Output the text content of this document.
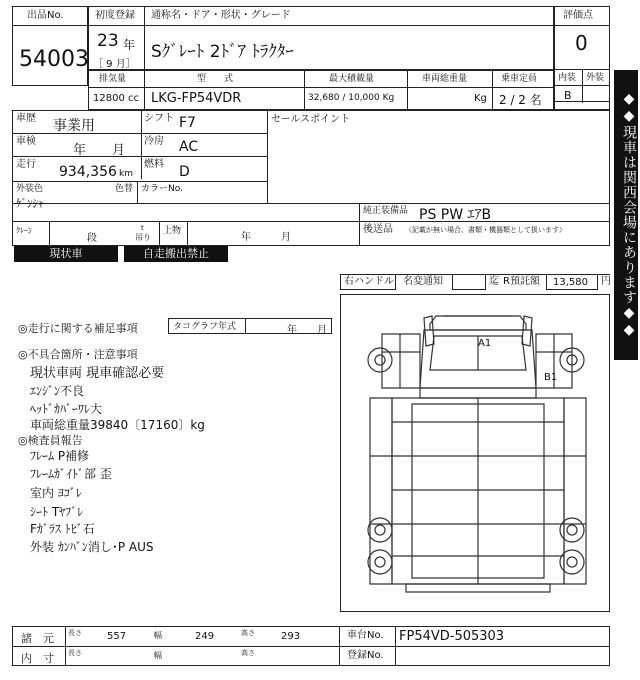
出品No.
54003
初度登録 通称名・ドア・形状・グレード
23 年
［ 9 月］
Sｸﾞﾚｰﾄ 2ﾄﾞｱ ﾄﾗｸﾀｰ
評価点
0
内装 外装
B
排気量	型　　式	最大積載量	車両総重量	乗車定員
12800 cc LKG-FP54VDR	32,680 / 10,000 Kg	Kg 2 / 2 名
車歴 事業用	シフト F7
車検
年　　月
冷房 AC
走行 934,356 km
燃料 D
外装色
ｹﾞﾝｼｬ
色替 カラーNo.
セールスポイント
純正装備品 PS PW ｴｱB
後送品 （記載が無い場合、書類・機器類として扱います）
ｸﾚｰﾝ
段
t
吊り
上物
年　　　月
現状車	自走搬出禁止
右ハンドル 名変通知	迄 R預託額 13,580 円
◎走行に関する補足事項	タコグラフ年式	年　　月
◎不具合箇所・注意事項
現状車両 現車確認必要
ｴﾝｼﾞﾝ不良
ﾍｯﾄﾞｶﾊﾞｰﾜﾚ大
車両総重量39840〔17160〕kg
◎検査員報告
ﾌﾚｰﾑ P補修
ﾌﾚｰﾑｶﾞｲﾄﾞ部 歪
室内 ﾖｺﾞﾚ
ｼｰﾄ Tﾔﾌﾞﾚ
Fｶﾞﾗｽ ﾄﾋﾞ石
外装 ｶﾝﾊﾞﾝ消し･P AUS
A1
B1
◆◆現車は関西会場にあります◆◆
諸　元 長さ	557	幅	249	高さ	293	車台No. FP54VD-505303
内　寸 長さ	幅	高さ	登録No.
